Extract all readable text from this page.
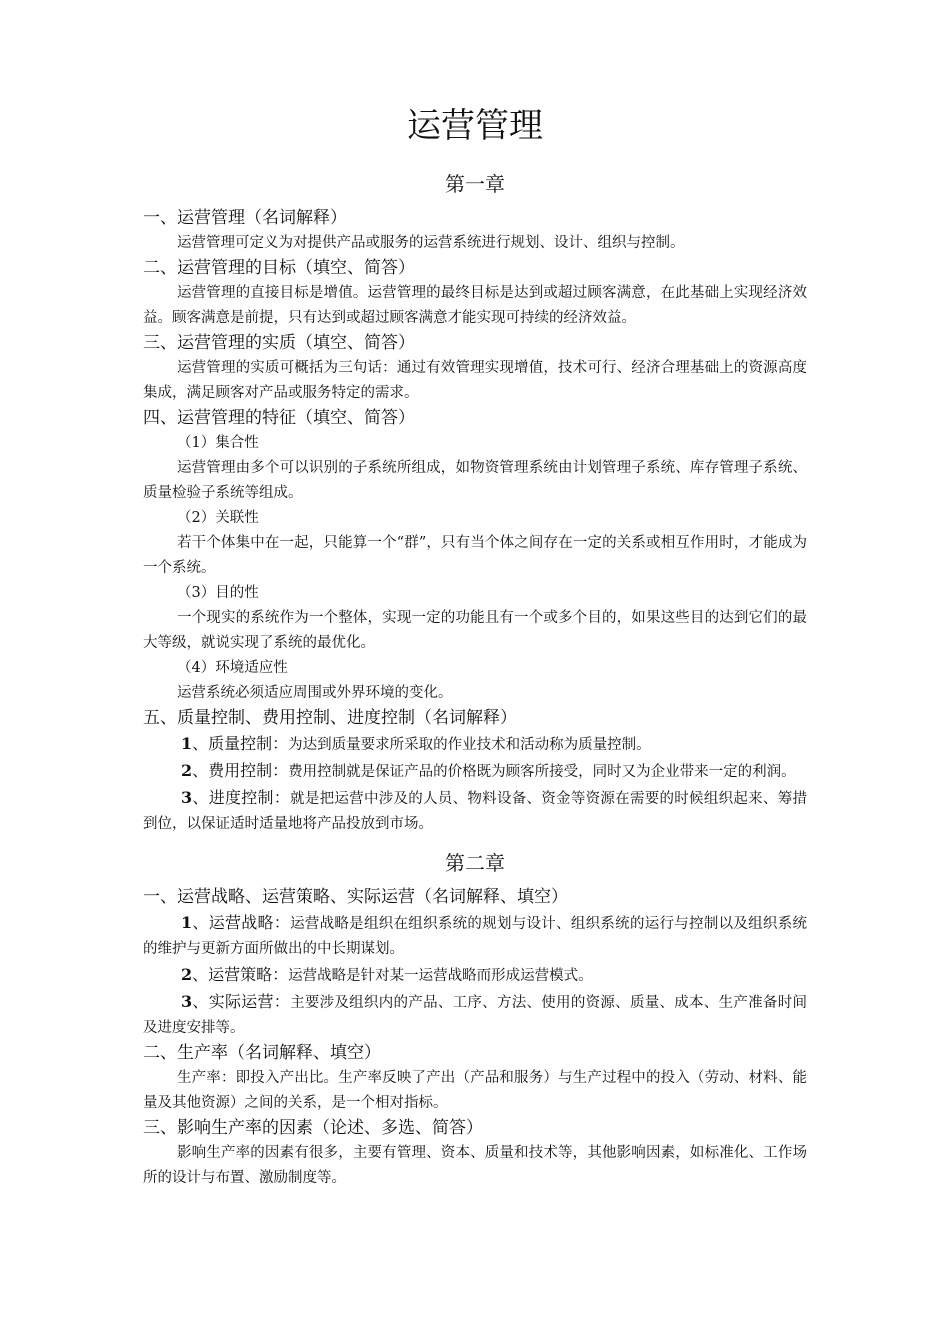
运营管理
第一章

一、运营管理（名词解释）

运营管理可定义为对提供产品或服务的运营系统进行规划、设计、组织与控制。

二、运营管理的目标（填空、简答）

运营管理的直接目标是增值。运营管理的最终目标是达到或超过顾客满意，在此基础上实现经济效益。顾客满意是前提，只有达到或超过顾客满意才能实现可持续的经济效益。

三、运营管理的实质（填空、简答）

运营管理的实质可概括为三句话：通过有效管理实现增值，技术可行、经济合理基础上的资源高度集成，满足顾客对产品或服务特定的需求。

四、运营管理的特征（填空、简答）

（1）集合性

运营管理由多个可以识别的子系统所组成，如物资管理系统由计划管理子系统、库存管理子系统、质量检验子系统等组成。

（2）关联性

若干个体集中在一起，只能算一个“群”，只有当个体之间存在一定的关系或相互作用时，才能成为一个系统。

（3）目的性

一个现实的系统作为一个整体，实现一定的功能且有一个或多个目的，如果这些目的达到它们的最大等级，就说实现了系统的最优化。

（4）环境适应性

运营系统必须适应周围或外界环境的变化。

五、质量控制、费用控制、进度控制（名词解释）

1、质量控制：为达到质量要求所采取的作业技术和活动称为质量控制。

2、费用控制：费用控制就是保证产品的价格既为顾客所接受，同时又为企业带来一定的利润。

3、进度控制：就是把运营中涉及的人员、物料设备、资金等资源在需要的时候组织起来、筹措到位，以保证适时适量地将产品投放到市场。

第二章

一、运营战略、运营策略、实际运营（名词解释、填空）

1、运营战略：运营战略是组织在组织系统的规划与设计、组织系统的运行与控制以及组织系统的维护与更新方面所做出的中长期谋划。

2、运营策略：运营战略是针对某一运营战略而形成运营模式。

3、实际运营：主要涉及组织内的产品、工序、方法、使用的资源、质量、成本、生产准备时间及进度安排等。

二、生产率（名词解释、填空）

生产率：即投入产出比。生产率反映了产出（产品和服务）与生产过程中的投入（劳动、材料、能量及其他资源）之间的关系，是一个相对指标。

三、影响生产率的因素（论述、多选、简答）

影响生产率的因素有很多，主要有管理、资本、质量和技术等，其他影响因素，如标准化、工作场所的设计与布置、激励制度等。
